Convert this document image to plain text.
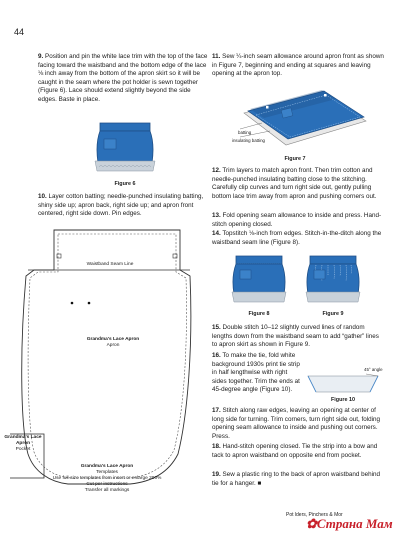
44

9. Position and pin the white lace trim with the top of the face facing toward the waistband and the bottom edge of the lace ⅛ inch away from the bottom of the apron skirt so it will be caught in the seam where the pot holder is sewn together (Figure 6). Lace should extend slightly beyond the side edges. Baste in place.

Figure 6

10. Layer cotton batting; needle-punched insulating batting, shiny side up; apron back, right side up; and apron front centered, right side down. Pin edges.

Waistband Seam Line
Grandma's Lace Apron
Apron
Grandma's Lace Apron
Pocket
Grandma's Lace Apron
Templates
Use full-size templates from insert or enlarge 200%
Cut per instructions
Transfer all markings

11. Sew ¼-inch seam allowance around apron front as shown in Figure 7, beginning and ending at squares and leaving opening at the apron top.

batting
insulating batting
Figure 7

12. Trim layers to match apron front. Then trim cotton and needle-punched insulating batting close to the stitching. Carefully clip curves and turn right side out, gently pulling bottom lace trim away from apron and pushing corners out.

13. Fold opening seam allowance to inside and press. Hand-stitch opening closed.

14. Topstitch ⅛-inch from edges. Stitch-in-the-ditch along the waistband seam line (Figure 8).

Figure 8	Figure 9

15. Double stitch 10–12 slightly curved lines of random lengths down from the waistband seam to add “gather” lines to apron skirt as shown in Figure 9.

16. To make the tie, fold white background 1930s print tie strip in half lengthwise with right sides together. Trim the ends at 45-degree angle (Figure 10).

45° angle
Figure 10

17. Stitch along raw edges, leaving an opening at center of long side for turning. Trim corners, turn right side out, folding opening seam allowance to inside and pushing out corners. Press.

18. Hand-stitch opening closed. Tie the strip into a bow and tack to apron waistband on opposite end from pocket.

19. Sew a plastic ring to the back of apron waistband behind tie for a hanger. ■

Pot lders, Pinchers & Mor
✿Страна Мам
